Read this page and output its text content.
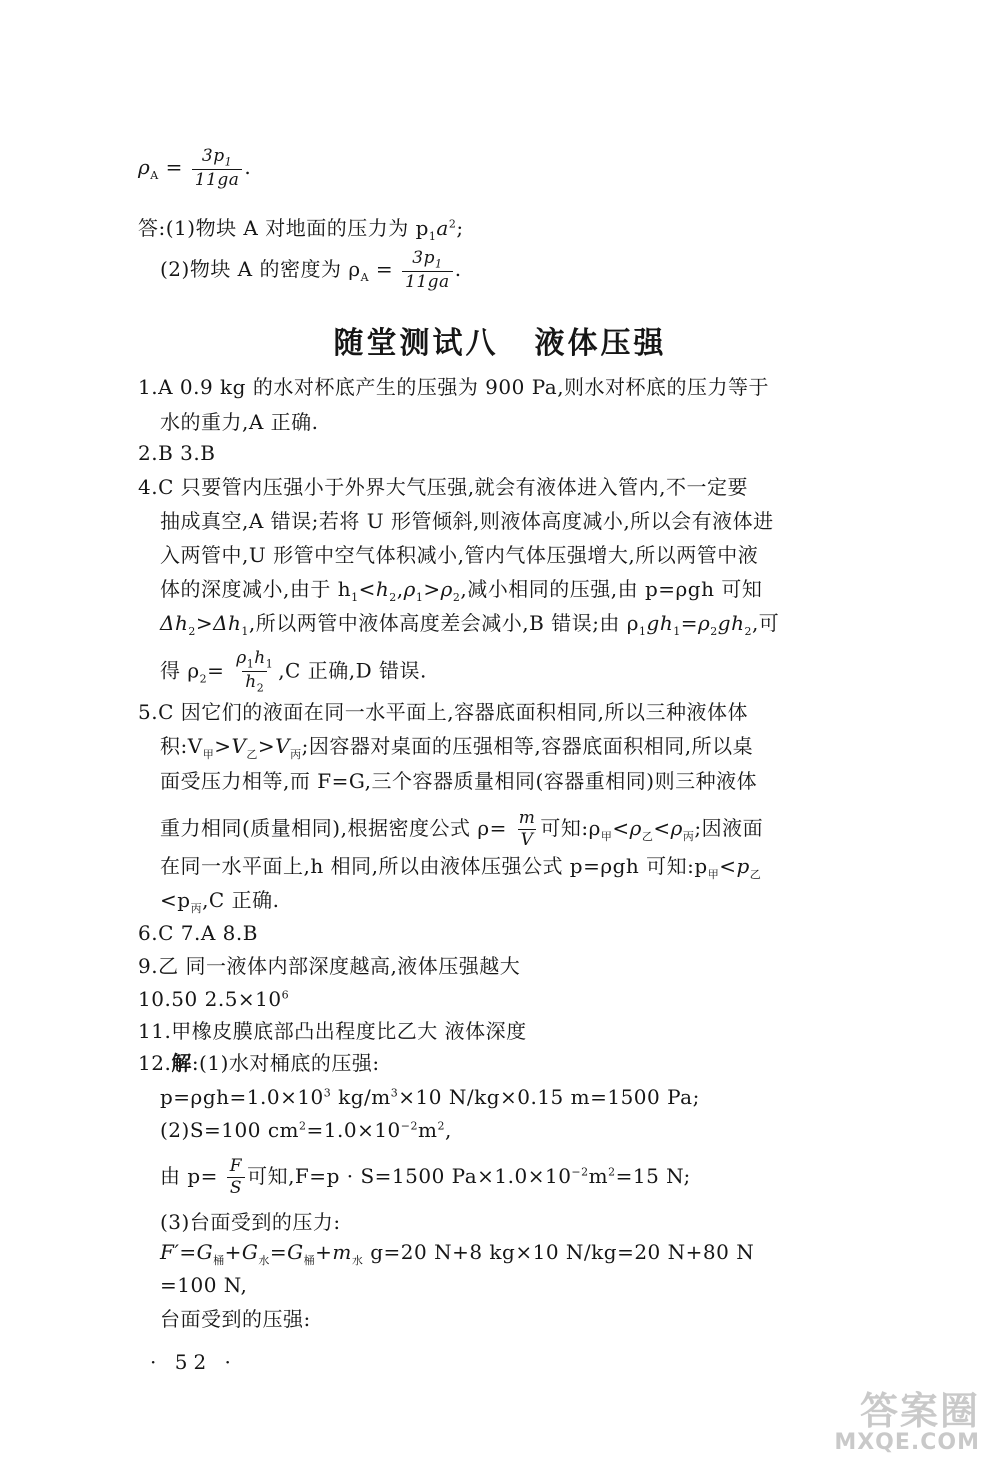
$\rho_A = \frac{3p_1}{11ga}$ .
答:(1)物块 A 对地面的压力为 $p_1a^2$;
(2)物块 A 的密度为 $\rho_A = \frac{3p_1}{11ga}$ .
随堂测试八 液体压强
1.A 0.9 kg 的水对杯底产生的压强为 900 Pa,则水对杯底的压力等于
水的重力,A 正确.
2.B 3.B
4.C 只要管内压强小于外界大气压强,就会有液体进入管内,不一定要
抽成真空,A 错误;若将 U 形管倾斜,则液体高度减小,所以会有液体进
入两管中,U 形管中空气体积减小,管内气体压强增大,所以两管中液
体的深度减小,由于 $h_1<h_2,\rho_1>\rho_2$,减小相同的压强,由 p=ρgh 可知
$\Delta h_2>\Delta h_1$,所以两管中液体高度差会减小,B 错误;由 $\rho_1gh_1=\rho_2gh_2$,可
得 $\rho_2= \frac{\rho_1h_1}{h_2} ,C$ 正确,D 错误.
5.C 因它们的液面在同一水平面上,容器底面积相同,所以三种液体体
积$:V_甲>V_乙>V_丙$;因容器对桌面的压强相等,容器底面积相同,所以桌
面受压力相等,而 F=G,三个容器质量相同(容器重相同)则三种液体
重力相同(质量相同),根据密度公式 $\rho= \frac{m}{V}$ 可知$:\rho_甲<\rho_乙<\rho_丙$;因液面
在同一水平面上,h 相同,所以由液体压强公式 p=ρgh 可知$:p_甲<p_乙$
$<p_丙,C$ 正确.
6.C 7.A 8.B
9.乙 同一液体内部深度越高,液体压强越大
10.50 $2.5\times 10^6$
11.甲橡皮膜底部凸出程度比乙大 液体深度
12.解:(1)水对桶底的压强:
$p=\rho gh=1.0\times 10^3$ $kg/m^3\times 10$ N/kg×0.15 m=1500 Pa;
(2)S=100 $cm^2=1.0\times 10^{-2}m^2$,
由 $p= \frac{F}{S}$ 可知,F=p · S=1500 $Pa\times 1.0\times 10^{-2}m^2=15$ N;
(3)台面受到的压力:
$F'=G_桶+G_水=G_桶+m_水$ g=20 N+8 kg×10 N/kg=20 N+80 N
=100 N,
台面受到的压强:
· 52 ·
答案圈
MXQE.COM
